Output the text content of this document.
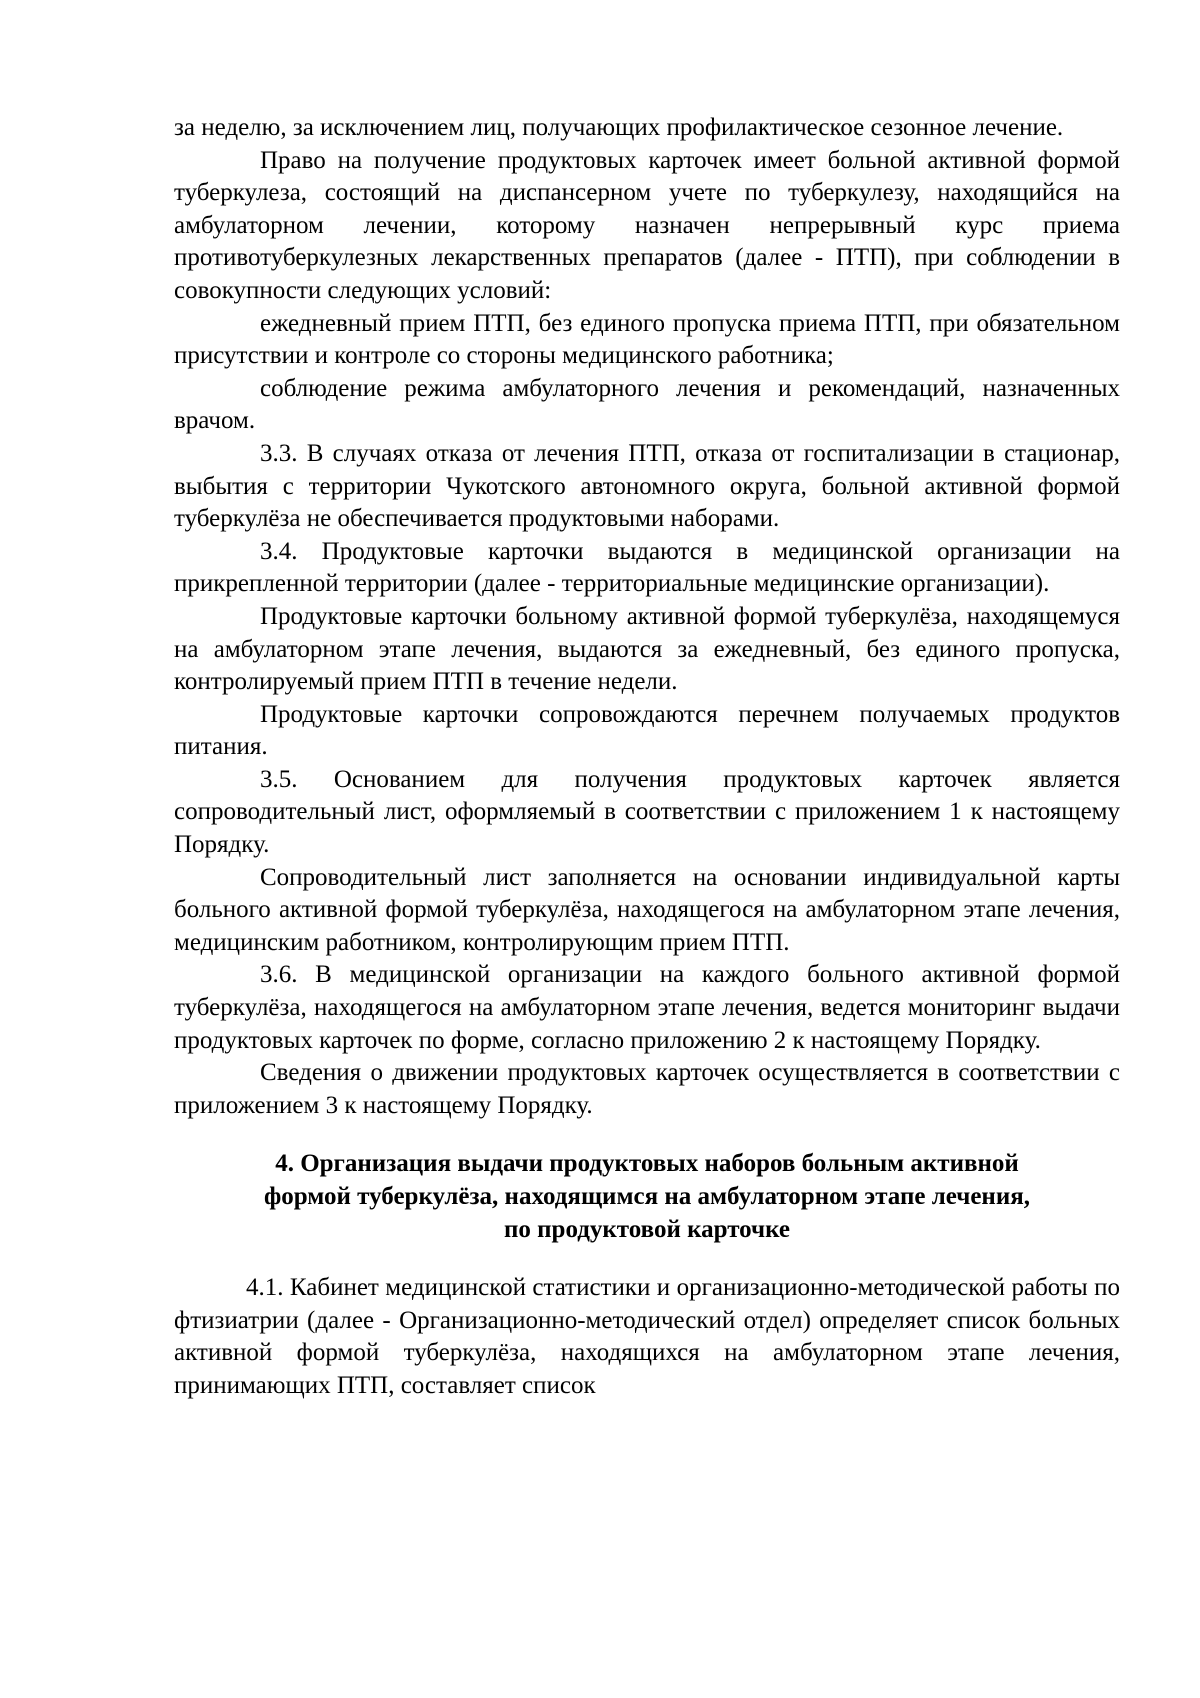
за неделю, за исключением лиц, получающих профилактическое сезонное лечение.

Право на получение продуктовых карточек имеет больной активной формой туберкулеза, состоящий на диспансерном учете по туберкулезу, находящийся на амбулаторном лечении, которому назначен непрерывный курс приема противотуберкулезных лекарственных препаратов (далее - ПТП), при соблюдении в совокупности следующих условий:

ежедневный прием ПТП, без единого пропуска приема ПТП, при обязательном присутствии и контроле со стороны медицинского работника;

соблюдение режима амбулаторного лечения и рекомендаций, назначенных врачом.

3.3. В случаях отказа от лечения ПТП, отказа от госпитализации в стационар, выбытия с территории Чукотского автономного округа, больной активной формой туберкулёза не обеспечивается продуктовыми наборами.

3.4. Продуктовые карточки выдаются в медицинской организации на прикрепленной территории (далее - территориальные медицинские организации).

Продуктовые карточки больному активной формой туберкулёза, находящемуся на амбулаторном этапе лечения, выдаются за ежедневный, без единого пропуска, контролируемый прием ПТП в течение недели.

Продуктовые карточки сопровождаются перечнем получаемых продуктов питания.

3.5. Основанием для получения продуктовых карточек является сопроводительный лист, оформляемый в соответствии с приложением 1 к настоящему Порядку.

Сопроводительный лист заполняется на основании индивидуальной карты больного активной формой туберкулёза, находящегося на амбулаторном этапе лечения, медицинским работником, контролирующим прием ПТП.

3.6. В медицинской организации на каждого больного активной формой туберкулёза, находящегося на амбулаторном этапе лечения, ведется мониторинг выдачи продуктовых карточек по форме, согласно приложению 2 к настоящему Порядку.

Сведения о движении продуктовых карточек осуществляется в соответствии с приложением 3 к настоящему Порядку.

4. Организация выдачи продуктовых наборов больным активной
формой туберкулёза, находящимся на амбулаторном этапе лечения,
по продуктовой карточке

4.1. Кабинет медицинской статистики и организационно-методической работы по фтизиатрии (далее - Организационно-методический отдел) определяет список больных активной формой туберкулёза, находящихся на амбулаторном этапе лечения, принимающих ПТП, составляет список
